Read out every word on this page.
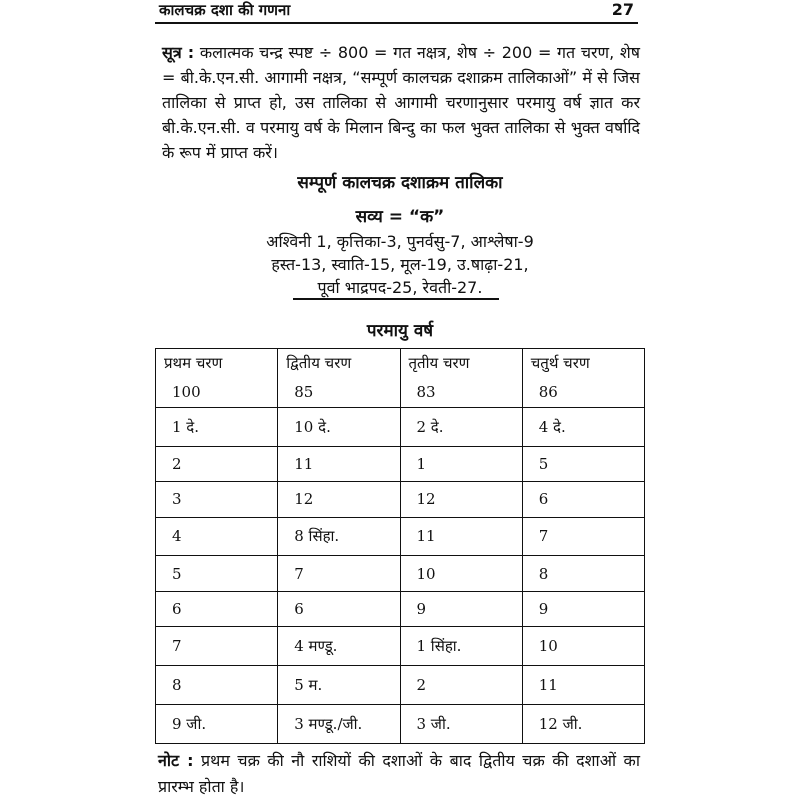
कालचक्र दशा की गणना	27
सूत्र : कलात्मक चन्द्र स्पष्ट ÷ 800 = गत नक्षत्र, शेष ÷ 200 = गत चरण, शेष = बी.के.एन.सी. आगामी नक्षत्र, “सम्पूर्ण कालचक्र दशाक्रम तालिकाओं” में से जिस तालिका से प्राप्त हो, उस तालिका से आगामी चरणानुसार परमायु वर्ष ज्ञात कर बी.के.एन.सी. व परमायु वर्ष के मिलान बिन्दु का फल भुक्त तालिका से भुक्त वर्षादि के रूप में प्राप्त करें।
सम्पूर्ण कालचक्र दशाक्रम तालिका
सव्य = “क”
अश्विनी 1, कृत्तिका-3, पुनर्वसु-7, आश्लेषा-9
हस्त-13, स्वाति-15, मूल-19, उ.षाढ़ा-21,
पूर्वा भाद्रपद-25, रेवती-27.
परमायु वर्ष
प्रथम चरण	द्वितीय चरण	तृतीय चरण	चतुर्थ चरण
100	85	83	86
1 दे.	10 दे.	2 दे.	4 दे.
2	11	1	5
3	12	12	6
4	8 सिंहा.	11	7
5	7	10	8
6	6	9	9
7	4 मण्डू.	1 सिंहा.	10
8	5 म.	2	11
9 जी.	3 मण्डू./जी.	3 जी.	12 जी.
नोट : प्रथम चक्र की नौ राशियों की दशाओं के बाद द्वितीय चक्र की दशाओं का प्रारम्भ होता है।
